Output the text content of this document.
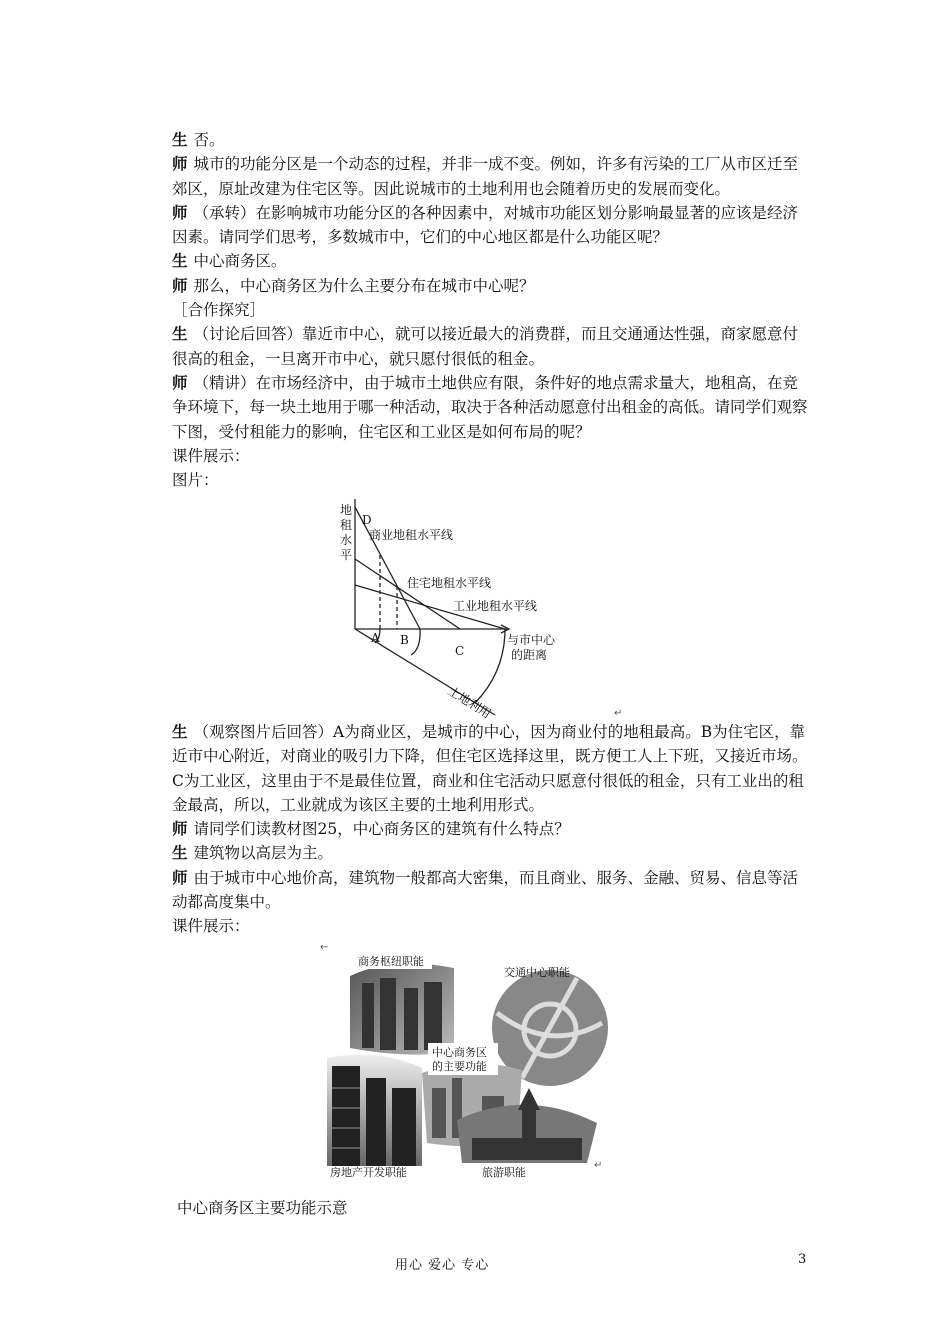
生 否。

师 城市的功能分区是一个动态的过程，并非一成不变。例如，许多有污染的工厂从市区迁至郊区，原址改建为住宅区等。因此说城市的土地利用也会随着历史的发展而变化。

师 （承转）在影响城市功能分区的各种因素中，对城市功能区划分影响最显著的应该是经济因素。请同学们思考，多数城市中，它们的中心地区都是什么功能区呢？

生 中心商务区。

师 那么，中心商务区为什么主要分布在城市中心呢？

［合作探究］

生 （讨论后回答）靠近市中心，就可以接近最大的消费群，而且交通通达性强，商家愿意付很高的租金，一旦离开市中心，就只愿付很低的租金。

师 （精讲）在市场经济中，由于城市土地供应有限，条件好的地点需求量大，地租高，在竞争环境下，每一块土地用于哪一种活动，取决于各种活动愿意付出租金的高低。请同学们观察下图，受付租能力的影响，住宅区和工业区是如何布局的呢？

课件展示：

图片：

地
租
水
平
D
商业地租水平线
住宅地租水平线
工业地租水平线
与市中心
的距离
A B
C
土地利用	↵

生 （观察图片后回答）A为商业区，是城市的中心，因为商业付的地租最高。B为住宅区，靠近市中心附近，对商业的吸引力下降，但住宅区选择这里，既方便工人上下班，又接近市场。C为工业区，这里由于不是最佳位置，商业和住宅活动只愿意付很低的租金，只有工业出的租金最高，所以，工业就成为该区主要的土地利用形式。

师 请同学们读教材图25，中心商务区的建筑有什么特点？

生 建筑物以高层为主。

师 由于城市中心地价高，建筑物一般都高大密集，而且商业、服务、金融、贸易、信息等活动都高度集中。

课件展示：

←
商务枢纽职能
交通中心职能
中心商务区
的主要功能
房地产开发职能	旅游职能
↵
中心商务区主要功能示意
用心 爱心 专心	3
